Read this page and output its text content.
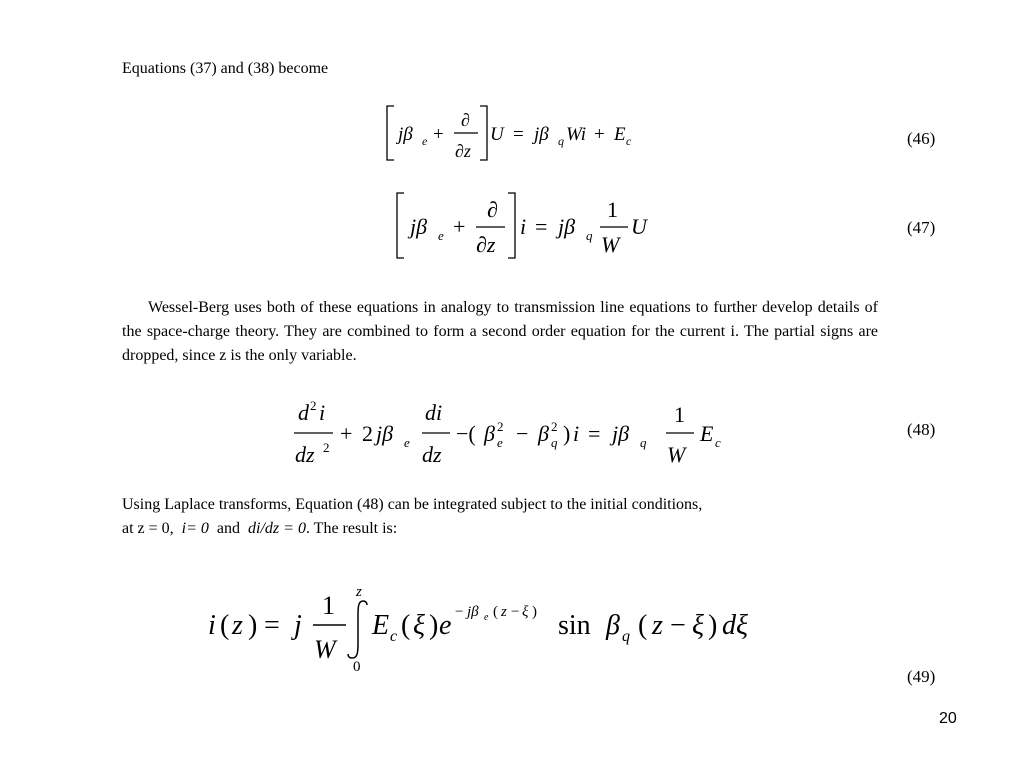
Equations (37) and (38) become
jβ e +
∂
∂z
U = jβ q Wi + E c	(46)
jβ e +
∂
∂z
i = jβ q
1
W
U	(47)
Wessel-Berg uses both of these equations in analogy to transmission line equations to further develop details of the space-charge theory. They are combined to form a second order equation for the current i. The partial signs are dropped, since z is the only variable.
d 2 i
dz 2
+ 2 jβ e
di
dz
−( β 2
e − β 2
q ) i = jβ q
1
W
E c
(48)
Using Laplace transforms, Equation (48) can be integrated subject to the initial conditions,
at z = 0, i= 0 and di/dz = 0. The result is:
i ( z ) = j
1
W
z
0
E c ( ξ ) e − jβ e ( z − ξ ) sin β q ( z − ξ ) dξ
(49)
20
